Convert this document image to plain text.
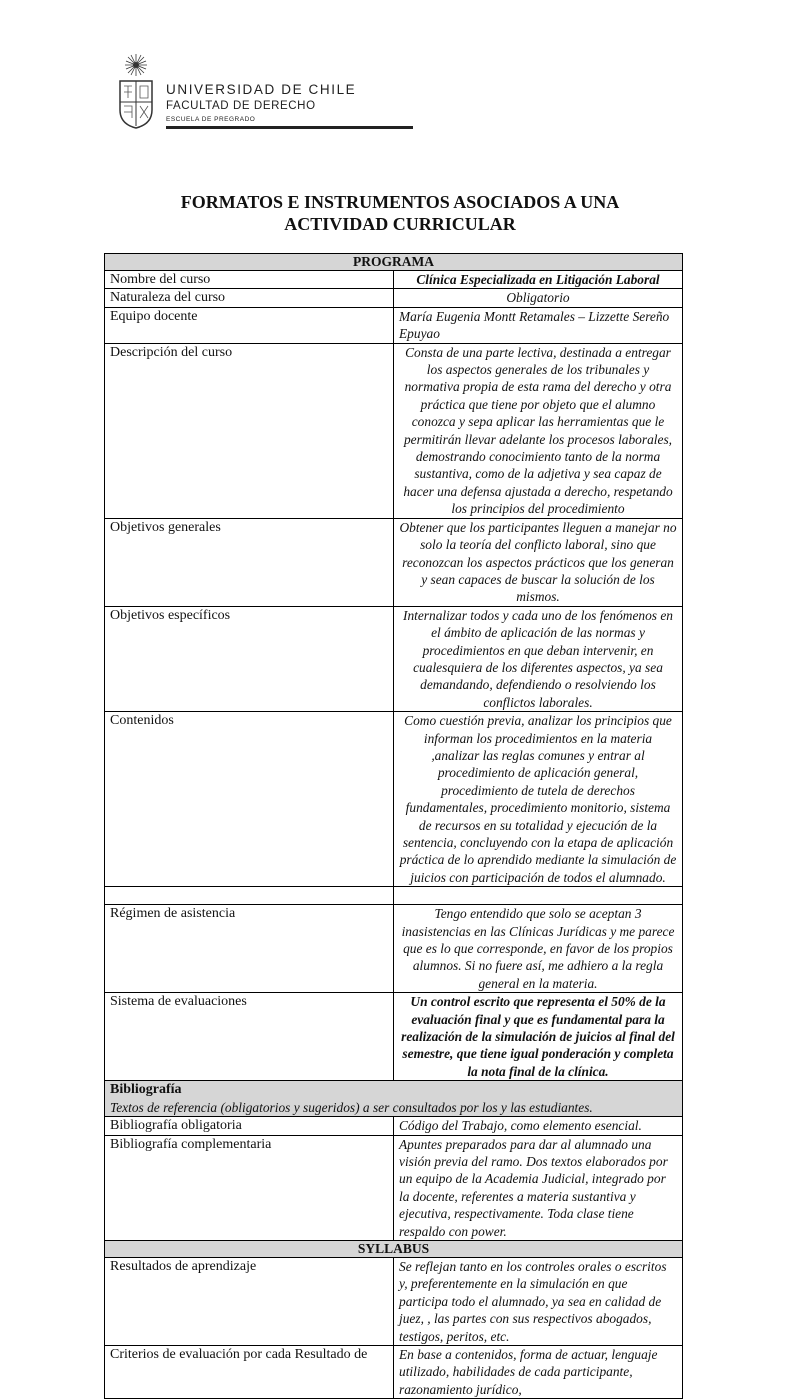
UNIVERSIDAD DE CHILE
FACULTAD DE DERECHO
ESCUELA DE PREGRADO
FORMATOS E INSTRUMENTOS ASOCIADOS A UNA
ACTIVIDAD CURRICULAR
PROGRAMA	
Nombre del curso	Clínica Especializada en Litigación Laboral
Naturaleza del curso	Obligatorio
Equipo docente	María Eugenia Montt Retamales – Lizzette Sereño Epuyao
Descripción del curso	Consta de una parte lectiva, destinada a entregar los aspectos generales de los tribunales y normativa propia de esta rama del derecho y otra práctica que tiene por objeto que el alumno conozca y sepa aplicar las herramientas que le permitirán llevar adelante los procesos laborales, demostrando conocimiento tanto de la norma sustantiva, como de la adjetiva y sea capaz de hacer una defensa ajustada a derecho, respetando los principios del procedimiento
Objetivos generales	Obtener que los participantes lleguen a manejar no solo la teoría del conflicto laboral, sino que reconozcan los aspectos prácticos que los generan y sean capaces de buscar la solución de los mismos.
Objetivos específicos	Internalizar todos y cada uno de los fenómenos en el ámbito de aplicación de las normas y procedimientos en que deban intervenir, en cualesquiera de los diferentes aspectos, ya sea demandando, defendiendo o resolviendo los conflictos laborales.
Contenidos	Como cuestión previa, analizar los principios que informan los procedimientos en la materia ,analizar las reglas comunes y entrar al procedimiento de aplicación general, procedimiento de tutela de derechos fundamentales, procedimiento monitorio, sistema de recursos en su totalidad y ejecución de la sentencia, concluyendo con la etapa de aplicación práctica de lo aprendido mediante la simulación de juicios con participación de todos el alumnado.

Régimen de asistencia	Tengo entendido que solo se aceptan 3 inasistencias en las Clínicas Jurídicas y me parece que es lo que corresponde, en favor de los propios alumnos. Si no fuere así, me adhiero a la regla general en la materia.
Sistema de evaluaciones	Un control escrito que representa el 50% de la evaluación final y que es fundamental para la realización de la simulación de juicios al final del semestre, que tiene igual ponderación y completa la nota final de la clínica.

Bibliografía
Textos de referencia (obligatorios y sugeridos) a ser consultados por los y las estudiantes.	

Bibliografía obligatoria	Código del Trabajo, como elemento esencial.
Bibliografía complementaria	Apuntes preparados para dar al alumnado una visión previa del ramo. Dos textos elaborados por un equipo de la Academia Judicial, integrado por la docente, referentes a materia sustantiva y ejecutiva, respectivamente. Toda clase tiene respaldo con power.
SYLLABUS	
Resultados de aprendizaje	Se reflejan tanto en los controles orales o escritos y, preferentemente en la simulación en que participa todo el alumnado, ya sea en calidad de juez, , las partes con sus respectivos abogados, testigos, peritos, etc.
Criterios de evaluación por cada Resultado de	En base a contenidos, forma de actuar, lenguaje utilizado, habilidades de cada participante, razonamiento jurídico,
